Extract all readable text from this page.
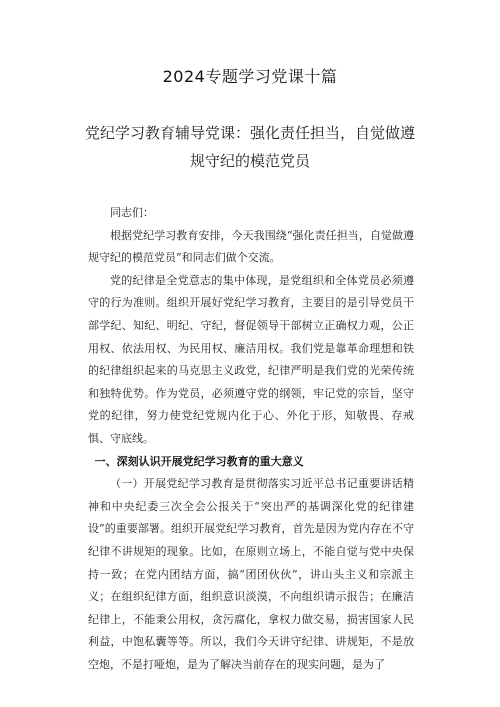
2024专题学习党课十篇
党纪学习教育辅导党课：强化责任担当，自觉做遵
规守纪的模范党员

同志们：

根据党纪学习教育安排，今天我围绕“强化责任担当，自觉做遵规守纪的模范党员”和同志们做个交流。

党的纪律是全党意志的集中体现，是党组织和全体党员必须遵守的行为准则。组织开展好党纪学习教育，主要目的是引导党员干部学纪、知纪、明纪、守纪，督促领导干部树立正确权力观，公正用权、依法用权、为民用权、廉洁用权。我们党是靠革命理想和铁的纪律组织起来的马克思主义政党，纪律严明是我们党的光荣传统和独特优势。作为党员，必须遵守党的纲领，牢记党的宗旨，坚守党的纪律，努力使党纪党规内化于心、外化于形，知敬畏、存戒惧、守底线。

一、深刻认识开展党纪学习教育的重大意义

（一）开展党纪学习教育是贯彻落实习近平总书记重要讲话精神和中央纪委三次全会公报关于“突出严的基调深化党的纪律建设”的重要部署。组织开展党纪学习教育，首先是因为党内存在不守纪律不讲规矩的现象。比如，在原则立场上，不能自觉与党中央保持一致；在党内团结方面，搞“团团伙伙”，讲山头主义和宗派主义；在组织纪律方面，组织意识淡漠，不向组织请示报告；在廉洁纪律上，不能秉公用权，贪污腐化，拿权力做交易，损害国家人民利益，中饱私囊等等。所以，我们今天讲守纪律、讲规矩，不是放空炮，不是打哑炮，是为了解决当前存在的现实问题，是为了
